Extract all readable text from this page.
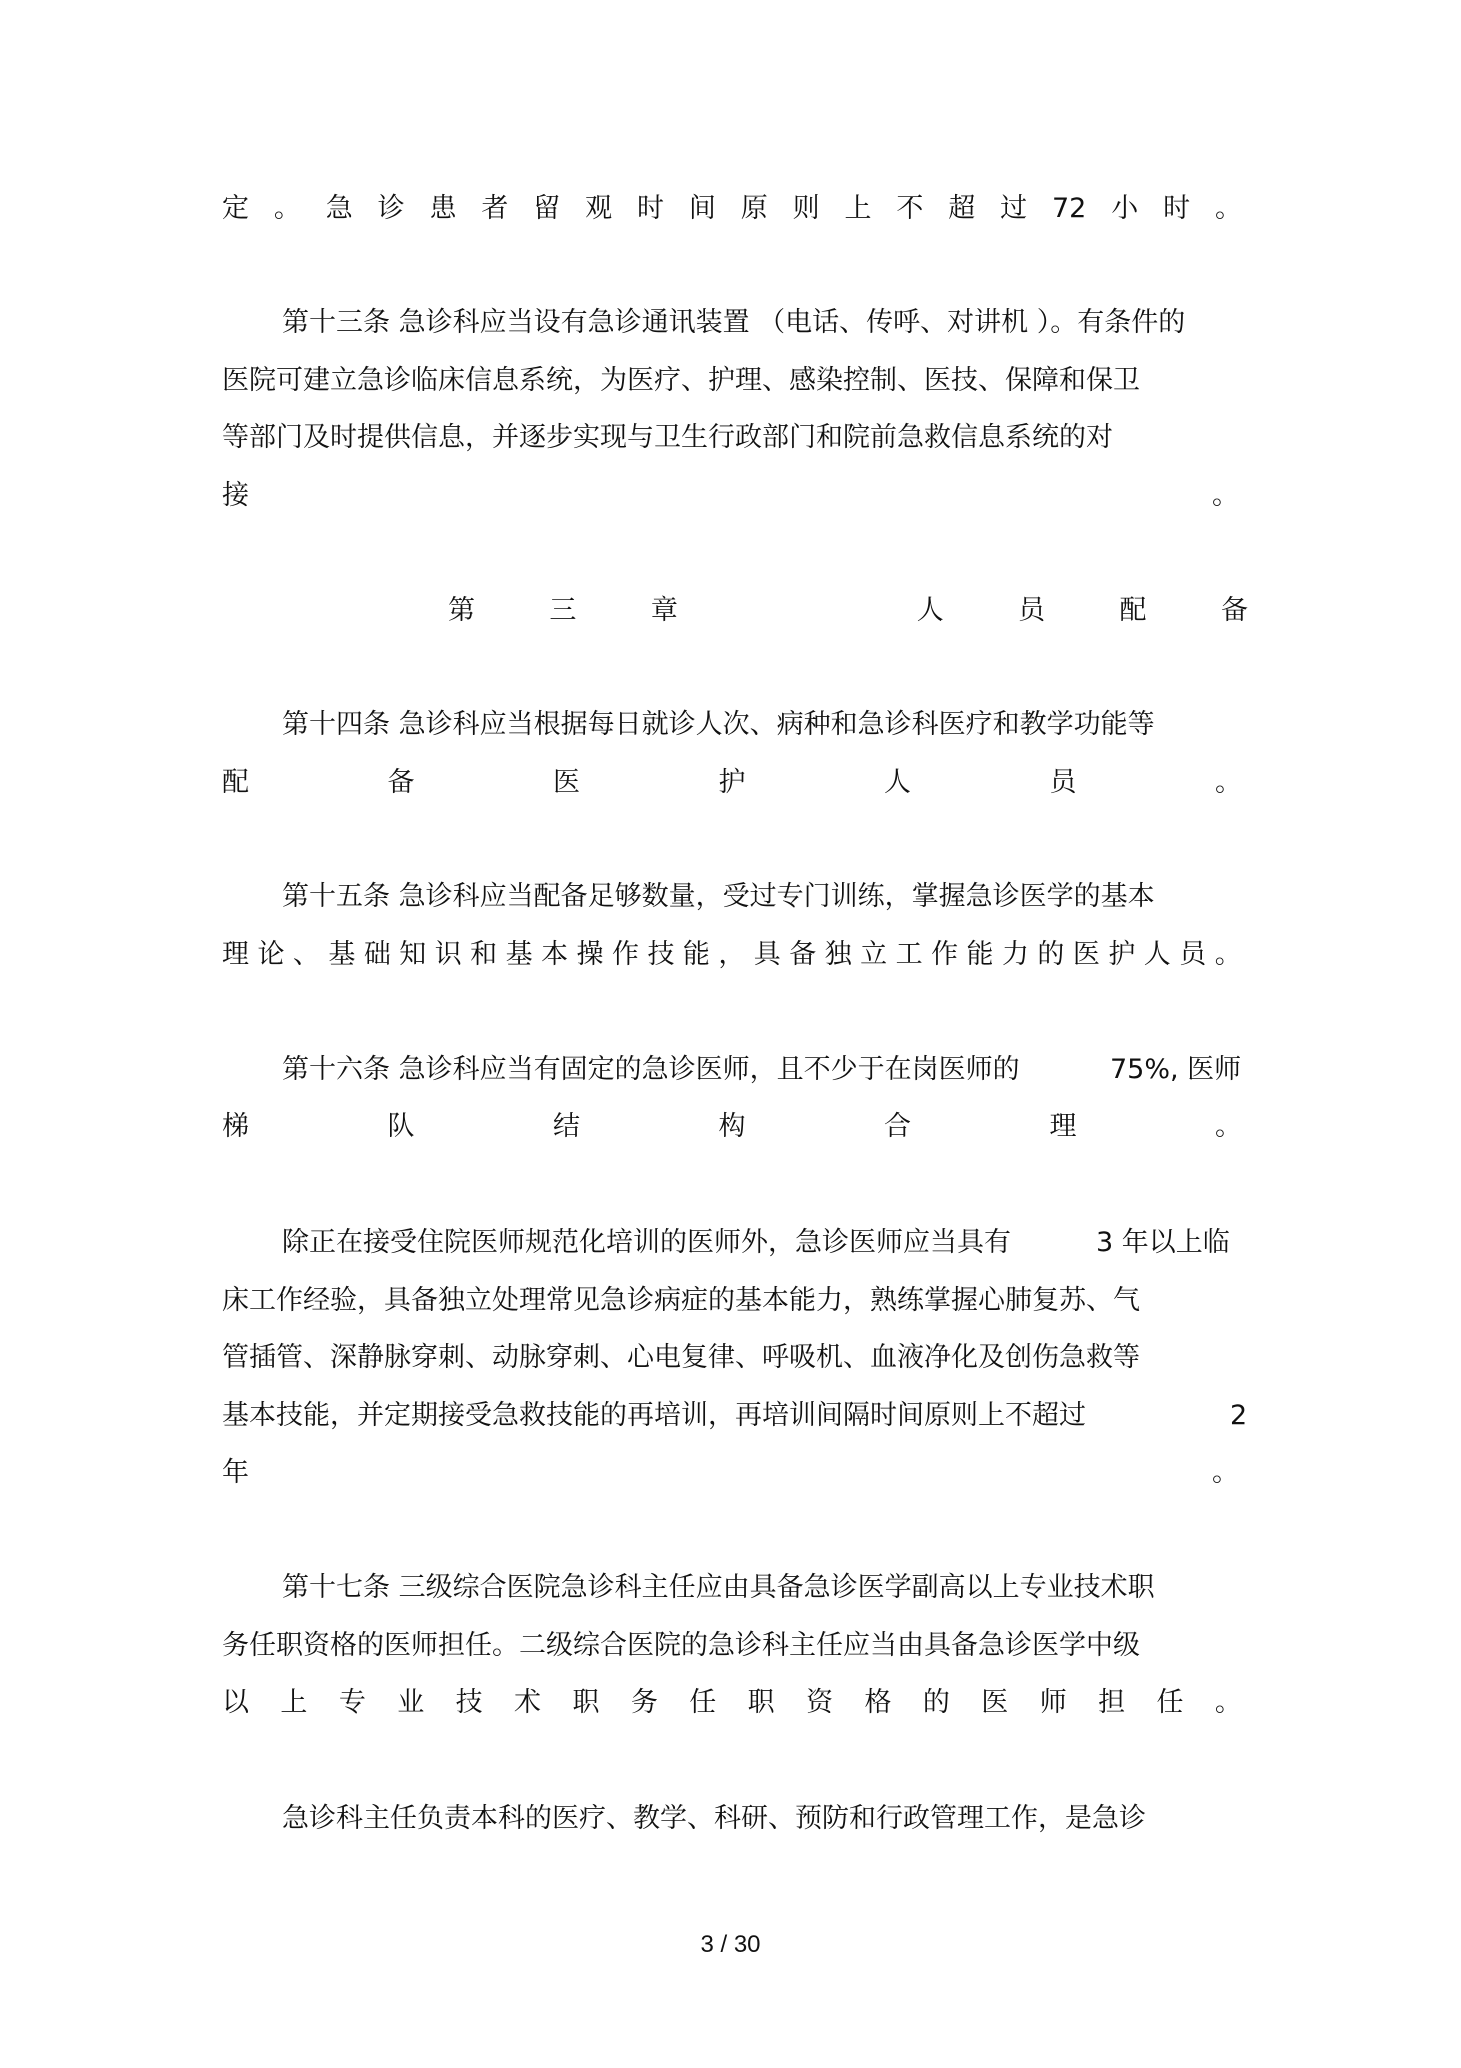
定 。 急 诊 患 者 留 观 时 间 原 则 上 不 超 过 72 小 时 。
第十三条 急诊科应当设有急诊通讯装置 （电话、传呼、对讲机 ）。有条件的
医院可建立急诊临床信息系统，为医疗、护理、感染控制、医技、保障和保卫
等部门及时提供信息，并逐步实现与卫生行政部门和院前急救信息系统的对
接	。
第	三	章	人	员	配	备
第十四条 急诊科应当根据每日就诊人次、病种和急诊科医疗和教学功能等
配	备	医	护	人	员	。
第十五条 急诊科应当配备足够数量，受过专门训练，掌握急诊医学的基本
理 论 、 基 础 知 识 和 基 本 操 作 技 能 ， 具 备 独 立 工 作 能 力 的 医 护 人 员 。
第十六条 急诊科应当有固定的急诊医师，且不少于在岗医师的	75%, 医师
梯	队	结	构	合	理	。
除正在接受住院医师规范化培训的医师外，急诊医师应当具有	3 年以上临
床工作经验，具备独立处理常见急诊病症的基本能力，熟练掌握心肺复苏、气
管插管、深静脉穿刺、动脉穿刺、心电复律、呼吸机、血液净化及创伤急救等
基本技能，并定期接受急救技能的再培训，再培训间隔时间原则上不超过	2
年	。
第十七条 三级综合医院急诊科主任应由具备急诊医学副高以上专业技术职
务任职资格的医师担任。二级综合医院的急诊科主任应当由具备急诊医学中级
以 上 专 业 技 术 职 务 任 职 资 格 的 医 师 担 任 。
急诊科主任负责本科的医疗、教学、科研、预防和行政管理工作，是急诊
3 / 30
